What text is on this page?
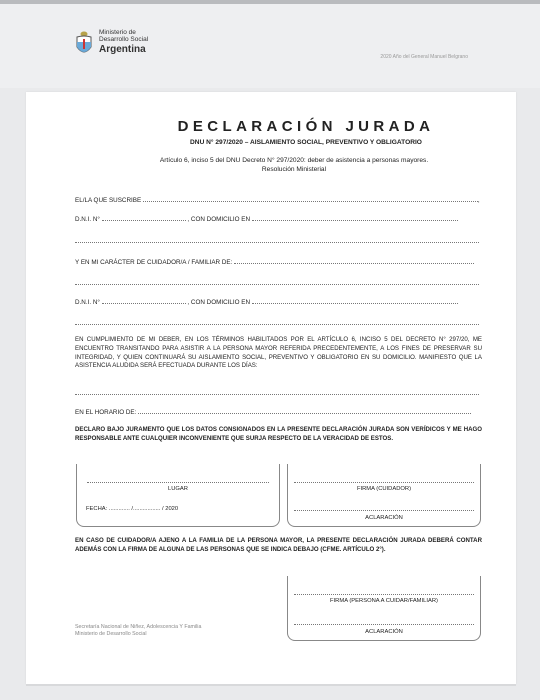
Ministerio de
Desarrollo Social
Argentina
2020 Año del General Manuel Belgrano
DECLARACIÓN JURADA
DNU N° 297/2020 – AISLAMIENTO SOCIAL, PREVENTIVO Y OBLIGATORIO
Artículo 6, inciso 5 del DNU Decreto N° 297/2020: deber de asistencia a personas mayores.
Resolución Ministerial
EL/LA QUE SUSCRIBE	,
D.N.I. N°	, CON DOMICILIO EN
Y EN MI CARÁCTER DE CUIDADOR/A / FAMILIAR DE:
D.N.I. N°	, CON DOMICILIO EN
EN CUMPLIMIENTO DE MI DEBER, EN LOS TÉRMINOS HABILITADOS POR EL ARTÍCULO 6, INCISO 5 DEL DECRETO N° 297/20, ME ENCUENTRO TRANSITANDO PARA ASISTIR A LA PERSONA MAYOR REFERIDA PRECEDENTEMENTE, A LOS FINES DE PRESERVAR SU INTEGRIDAD, Y QUIEN CONTINUARÁ SU AISLAMIENTO SOCIAL, PREVENTIVO Y OBLIGATORIO EN SU DOMICILIO. MANIFIESTO QUE LA ASISTENCIA ALUDIDA SERÁ EFECTUADA DURANTE LOS DÍAS:
EN EL HORARIO DE:
DECLARO BAJO JURAMENTO QUE LOS DATOS CONSIGNADOS EN LA PRESENTE DECLARACIÓN JURADA SON VERÍDICOS Y ME HAGO RESPONSABLE ANTE CUALQUIER INCONVENIENTE QUE SURJA RESPECTO DE LA VERACIDAD DE ESTOS.
LUGAR
FECHA: ............. /................. / 2020
FIRMA (CUIDADOR)
ACLARACIÓN
EN CASO DE CUIDADOR/A AJENO A LA FAMILIA DE LA PERSONA MAYOR, LA PRESENTE DECLARACIÓN JURADA DEBERÁ CONTAR ADEMÁS CON LA FIRMA DE ALGUNA DE LAS PERSONAS QUE SE INDICA DEBAJO (CFME. ARTÍCULO 2°).
FIRMA (PERSONA A CUIDAR/FAMILIAR)
ACLARACIÓN
Secretaría Nacional de Niñez, Adolescencia Y Familia
Ministerio de Desarrollo Social
